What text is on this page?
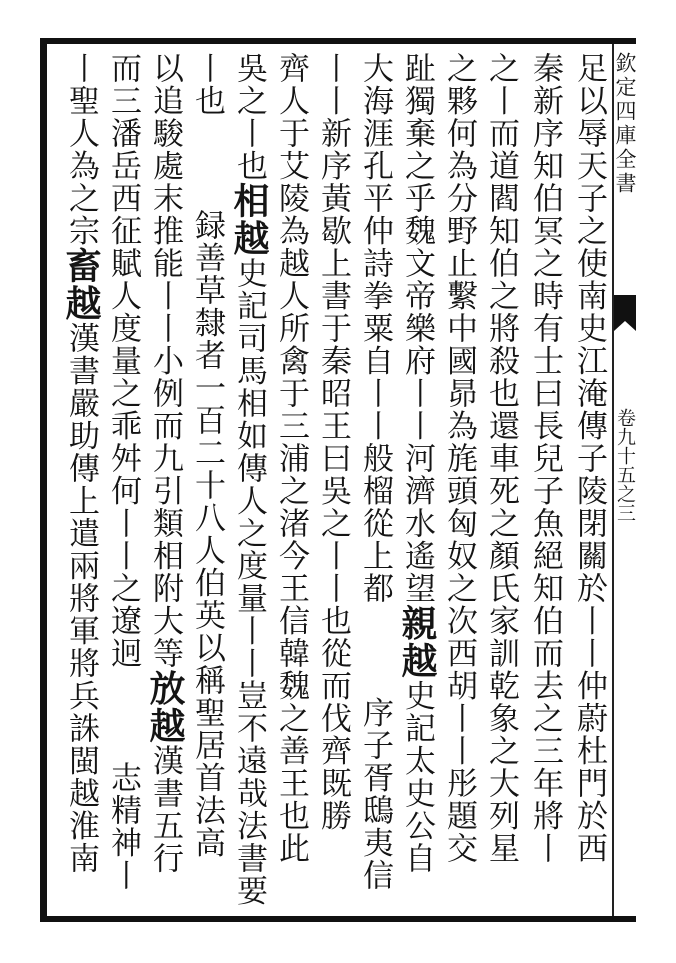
欽定四庫全書
卷九十五之三
足以辱天子之使南史江淹傳子陵閉關於丨丨仲蔚杜門於西
秦新序知伯冥之時有士曰長兒子魚絕知伯而去之三年將丨
之丨而道閻知伯之將殺也還車死之顏氏家訓乾象之大列星
之夥何為分野止繫中國昴為旄頭匈奴之次西胡丨丨彤題交
趾獨棄之乎魏文帝樂府丨丨河濟水遙望親越史記太史公自
大海涯孔平仲詩拳粟自丨丨般榴從上都序子胥鴟夷信
丨丨新序黃歇上書于秦昭王曰吳之丨丨也從而伐齊既勝
齊人于艾陵為越人所禽于三浦之渚今王信韓魏之善王也此
吳之丨也相越史記司馬相如傳人之度量丨丨豈不遠哉法書要
丨也録善草隸者一百二十八人伯英以稱聖居首法高
以追駿處末推能丨丨小例而九引類相附大等放越漢書五行
而三潘岳西征賦人度量之乖舛何丨丨之遼迥志精神丨
丨聖人為之宗畜越漢書嚴助傳上遣兩將軍將兵誅閩越淮南
